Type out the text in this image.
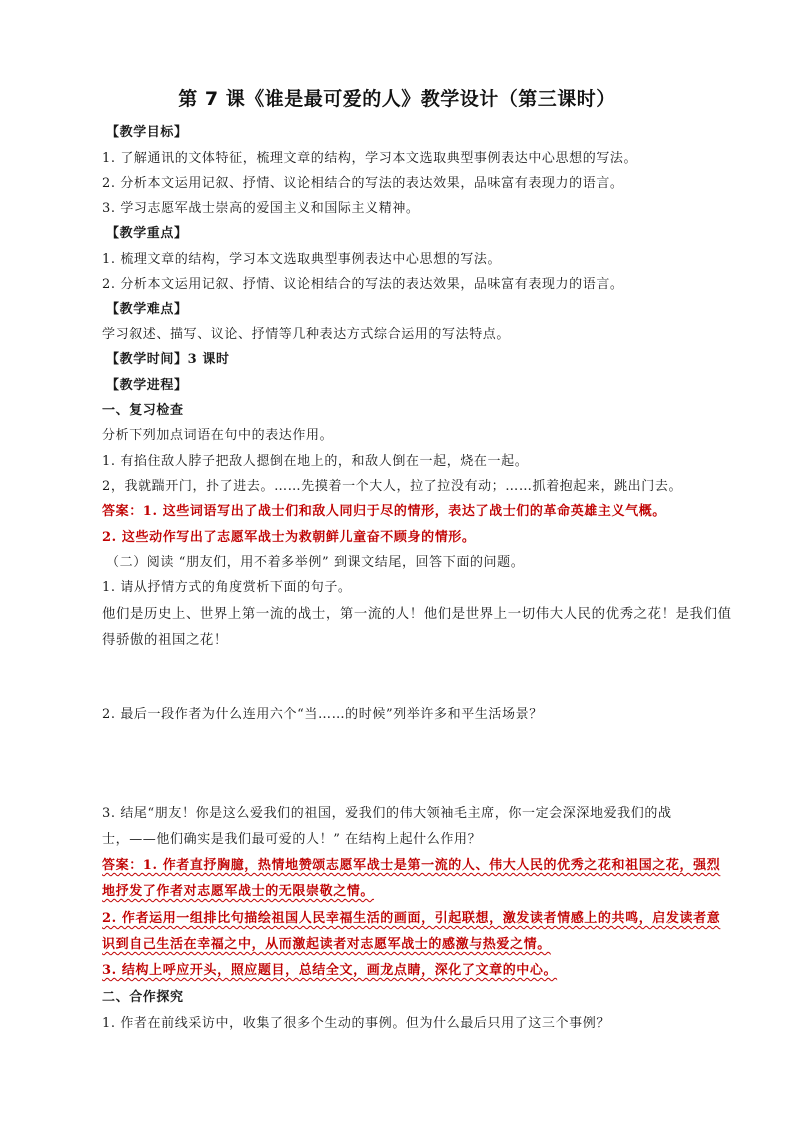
第 7 课《谁是最可爱的人》教学设计（第三课时）
【教学目标】
1. 了解通讯的文体特征，梳理文章的结构，学习本文选取典型事例表达中心思想的写法。
2. 分析本文运用记叙、抒情、议论相结合的写法的表达效果，品味富有表现力的语言。
3. 学习志愿军战士崇高的爱国主义和国际主义精神。
【教学重点】
1. 梳理文章的结构，学习本文选取典型事例表达中心思想的写法。
2. 分析本文运用记叙、抒情、议论相结合的写法的表达效果，品味富有表现力的语言。
【教学难点】
学习叙述、描写、议论、抒情等几种表达方式综合运用的写法特点。
【教学时间】3 课时
【教学进程】
一、复习检查
分析下列加点词语在句中的表达作用。
1. 有掐住敌人脖子把敌人摁倒在地上的，和敌人倒在一起，烧在一起。
2，我就踹开门，扑了进去。……先摸着一个大人，拉了拉没有动；……抓着抱起来，跳出门去。
答案：1. 这些词语写出了战士们和敌人同归于尽的情形，表达了战士们的革命英雄主义气概。
2. 这些动作写出了志愿军战士为救朝鲜儿童奋不顾身的情形。
（二）阅读 “朋友们，用不着多举例” 到课文结尾，回答下面的问题。
1. 请从抒情方式的角度赏析下面的句子。
他们是历史上、世界上第一流的战士，第一流的人！他们是世界上一切伟大人民的优秀之花！是我们值
得骄傲的祖国之花！
2. 最后一段作者为什么连用六个“当……的时候”列举许多和平生活场景？
3. 结尾“朋友！你是这么爱我们的祖国，爱我们的伟大领袖毛主席，你一定会深深地爱我们的战
士，——他们确实是我们最可爱的人！” 在结构上起什么作用？
答案：1. 作者直抒胸臆，热情地赞颂志愿军战士是第一流的人、伟大人民的优秀之花和祖国之花，强烈
地抒发了作者对志愿军战士的无限崇敬之情。
2. 作者运用一组排比句描绘祖国人民幸福生活的画面，引起联想，激发读者情感上的共鸣，启发读者意
识到自己生活在幸福之中，从而激起读者对志愿军战士的感激与热爱之情。
3. 结构上呼应开头，照应题目，总结全文，画龙点睛，深化了文章的中心。
二、合作探究
1. 作者在前线采访中，收集了很多个生动的事例。但为什么最后只用了这三个事例？
